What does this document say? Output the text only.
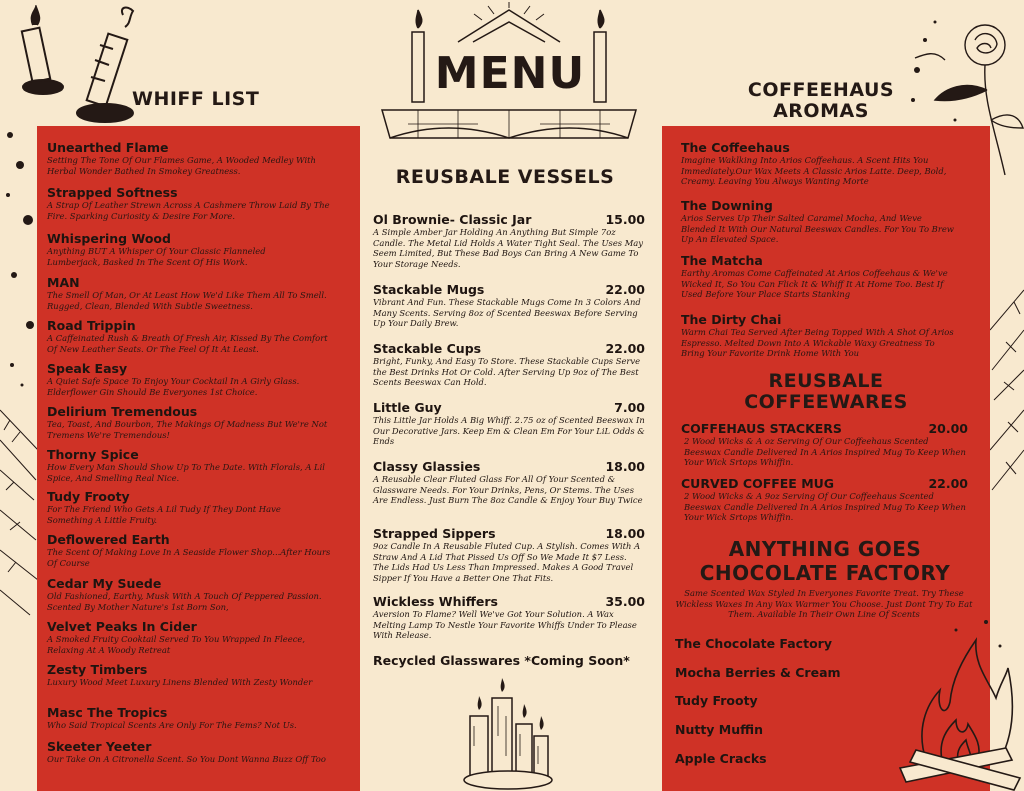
MENU
WHIFF LIST
Unearthed Flame
Setting The Tone Of Our Flames Game, A Wooded Medley With Herbal Wonder Bathed In Smokey Greatness.
Strapped Softness
A Strap Of Leather Strewn Across A Cashmere Throw Laid By The Fire. Sparking Curiosity & Desire For More.
Whispering Wood
Anything BUT A Whisper Of Your Classic Flanneled Lumberjack, Basked In The Scent Of His Work.
MAN
The Smell Of Man, Or At Least How We'd Like Them All To Smell. Rugged, Clean, Blended With Subtle Sweetness.
Road Trippin
A Caffeinated Rush & Breath Of Fresh Air, Kissed By The Comfort Of New Leather Seats. Or The Feel Of It At Least.
Speak Easy
A Quiet Safe Space To Enjoy Your Cocktail In A Girly Glass. Elderflower Gin Should Be Everyones 1st Choice.
Delirium Tremendous
Tea, Toast, And Bourbon, The Makings Of Madness But We're Not Tremens We're Tremendous!
Thorny Spice
How Every Man Should Show Up To The Date. With Florals, A Lil Spice, And Smelling Real Nice.
Tudy Frooty
For The Friend Who Gets A Lil Tudy If They Dont Have Something A Little Fruity.
Deflowered Earth
The Scent Of Making Love In A Seaside Flower Shop...After Hours Of Course
Cedar My Suede
Old Fashioned, Earthy, Musk With A Touch Of Peppered Passion. Scented By Mother Nature's 1st Born Son,
Velvet Peaks In Cider
A Smoked Fruity Cooktail Served To You Wrapped In Fleece, Relaxing At A Woody Retreat
Zesty Timbers
Luxury Wood Meet Luxury Linens Blended With Zesty Wonder
Masc The Tropics
Who Said Tropical Scents Are Only For The Fems? Not Us.
Skeeter Yeeter
Our Take On A Citronella Scent. So You Dont Wanna Buzz Off Too
REUSBALE VESSELS
Ol Brownie- Classic Jar	15.00
A Simple Amber Jar Holding An Anything But Simple 7oz Candle. The Metal Lid Holds A Water Tight Seal. The Uses May Seem Limited, But These Bad Boys Can Bring A New Game To Your Storage Needs.
Stackable Mugs	22.00
Vibrant And Fun. These Stackable Mugs Come In 3 Colors And Many Scents. Serving 8oz of Scented Beeswax Before Serving Up Your Daily Brew.
Stackable Cups	22.00
Bright, Funky, And Easy To Store. These Stackable Cups Serve the Best Drinks Hot Or Cold. After Serving Up 9oz of The Best Scents Beeswax Can Hold.
Little Guy	7.00
This Little Jar Holds A Big Whiff. 2.75 oz of Scented Beeswax In Our Decorative Jars. Keep Em & Clean Em For Your LiL Odds & Ends
Classy Glassies	18.00
A Reusable Clear Fluted Glass For All Of Your Scented & Glassware Needs. For Your Drinks, Pens, Or Stems. The Uses Are Endless. Just Burn The 8oz Candle & Enjoy Your Buy Twice
Strapped Sippers	18.00
9oz Candle In A Reusable Fluted Cup. A Stylish. Comes With A Straw And A Lid That Pissed Us Off So We Made It $7 Less. The Lids Had Us Less Than Impressed. Makes A Good Travel Sipper If You Have a Better One That Fits.
Wickless Whiffers	35.00
Aversion To Flame? Well We've Got Your Solution. A Wax Melting Lamp To Nestle Your Favorite Whiffs Under To Please With Release.
Recycled Glasswares *Coming Soon*
COFFEEHAUS
AROMAS
The Coffeehaus
Imagine Waklking Into Arios Coffeehaus. A Scent Hits You Immediately.Our Wax Meets A Classic Arios Latte. Deep, Bold, Creamy. Leaving You Always Wanting Morte
The Downing
Arios Serves Up Their Salted Caramel Mocha, And Weve Blended It With Our Natural Beeswax Candles. For You To Brew Up An Elevated Space.
The Matcha
Earthy Aromas Come Caffeinated At Arios Coffeehaus & We've Wicked It, So You Can Flick It & Whiff It At Home Too. Best If Used Before Your Place Starts Stanking
The Dirty Chai
Warm Chai Tea Served After Being Topped With A Shot Of Arios Espresso. Melted Down Into A Wickable Waxy Greatness To Bring Your Favorite Drink Home With You
REUSBALE
COFFEEWARES
COFFEHAUS STACKERS	20.00
2 Wood Wicks & A oz Serving Of Our Coffeehaus Scented Beeswax Candle Delivered In A Arios Inspired Mug To Keep When Your Wick Srtops Whiffin.
CURVED COFFEE MUG	22.00
2 Wood Wicks & A 9oz Serving Of Our Coffeehaus Scented Beeswax Candle Delivered In A Arios Inspired Mug To Keep When Your Wick Srtops Whiffin.
ANYTHING GOES
CHOCOLATE FACTORY
Same Scented Wax Styled In Everyones Favorite Treat. Try These Wickless Waxes In Any Wax Warmer You Choose. Just Dont Try To Eat Them. Available In Their Own Line Of Scents
The Chocolate Factory
Mocha Berries & Cream
Tudy Frooty
Nutty Muffin
Apple Cracks
